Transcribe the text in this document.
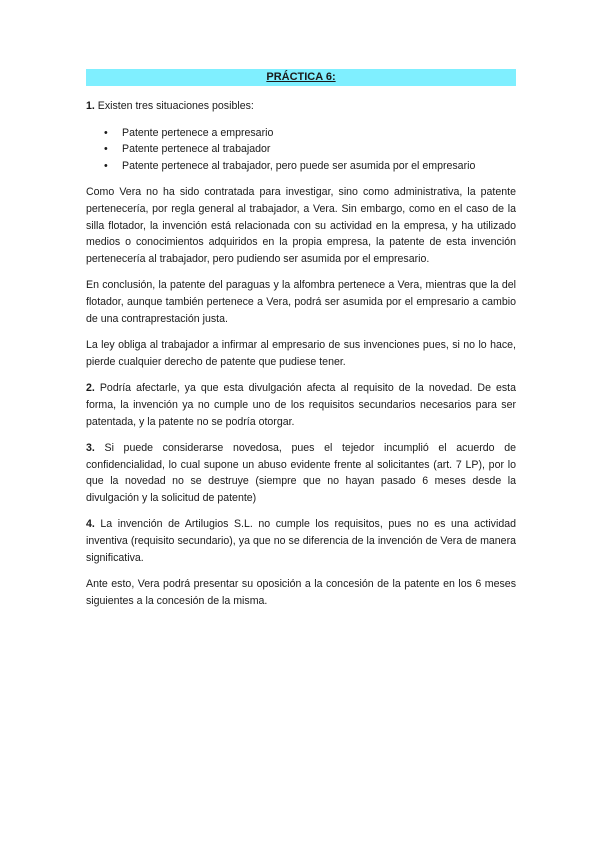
PRÁCTICA 6:

1. Existen tres situaciones posibles:

• Patente pertenece a empresario
• Patente pertenece al trabajador
• Patente pertenece al trabajador, pero puede ser asumida por el empresario

Como Vera no ha sido contratada para investigar, sino como administrativa, la patente pertenecería, por regla general al trabajador, a Vera. Sin embargo, como en el caso de la silla flotador, la invención está relacionada con su actividad en la empresa, y ha utilizado medios o conocimientos adquiridos en la propia empresa, la patente de esta invención pertenecería al trabajador, pero pudiendo ser asumida por el empresario.

En conclusión, la patente del paraguas y la alfombra pertenece a Vera, mientras que la del flotador, aunque también pertenece a Vera, podrá ser asumida por el empresario a cambio de una contraprestación justa.

La ley obliga al trabajador a infirmar al empresario de sus invenciones pues, si no lo hace, pierde cualquier derecho de patente que pudiese tener.

2. Podría afectarle, ya que esta divulgación afecta al requisito de la novedad. De esta forma, la invención ya no cumple uno de los requisitos secundarios necesarios para ser patentada, y la patente no se podría otorgar.

3. Si puede considerarse novedosa, pues el tejedor incumplió el acuerdo de confidencialidad, lo cual supone un abuso evidente frente al solicitantes (art. 7 LP), por lo que la novedad no se destruye (siempre que no hayan pasado 6 meses desde la divulgación y la solicitud de patente)

4. La invención de Artilugios S.L. no cumple los requisitos, pues no es una actividad inventiva (requisito secundario), ya que no se diferencia de la invención de Vera de manera significativa.

Ante esto, Vera podrá presentar su oposición a la concesión de la patente en los 6 meses siguientes a la concesión de la misma.
